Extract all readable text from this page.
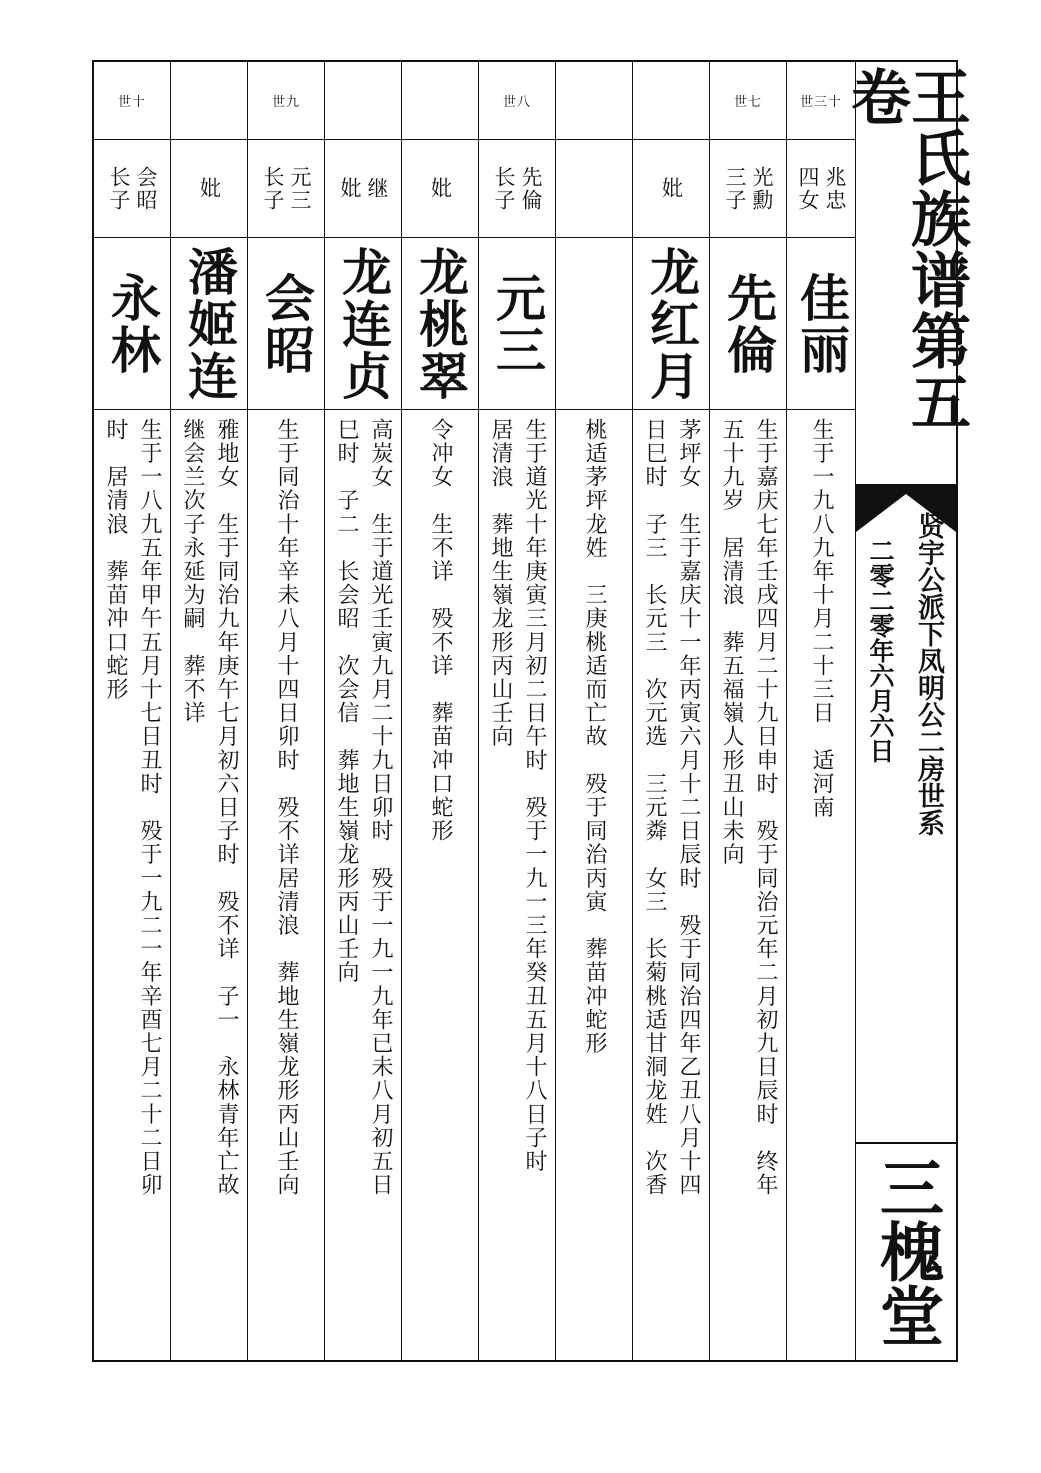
世十
会昭
长子
永林
生于一八九五年甲午五月十七日丑时　殁于一九二一年辛酉七月二十二日卯
时　居清浪　葬苗冲口蛇形
妣
潘姬连
雅地女　生于同治九年庚午七月初六日子时　殁不详　子一　永林青年亡故
继会兰次子永延为嗣　葬不详
世九
元三
长子
会昭
生于同治十年辛未八月十四日卯时　殁不详居清浪　葬地生嶺龙形丙山壬向
继
妣
龙连贞
高炭女　生于道光壬寅九月二十九日卯时　殁于一九一九年已未八月初五日
巳时　子二　长会昭　次会信　葬地生嶺龙形丙山壬向
妣
龙桃翠
令冲女　生不详　殁不详　葬苗冲口蛇形
世八
先倫
长子
元三
生于道光十年庚寅三月初二日午时　殁于一九一三年癸丑五月十八日子时
居清浪　葬地生嶺龙形丙山壬向	桃适茅坪龙姓　三庚桃适而亡故　殁于同治丙寅　葬苗冲蛇形
妣
龙红月
茅坪女　生于嘉庆十一年丙寅六月十二日辰时　殁于同治四年乙丑八月十四
日巳时　子三　长元三　次元选　三元粦　女三　长菊桃适甘洞龙姓　次香
世七
光勳
三子
先倫
生于嘉庆七年壬戌四月二十九日申时　殁于同治元年二月初九日辰时　终年
五十九岁　居清浪　葬五福嶺人形丑山未向
世三十
兆忠
四女
佳丽
生于一九八九年十月二十三日　适河南
王氏族谱第五卷
贤宇公派下凤明公二房世系
二零二零年六月六日
三槐堂
